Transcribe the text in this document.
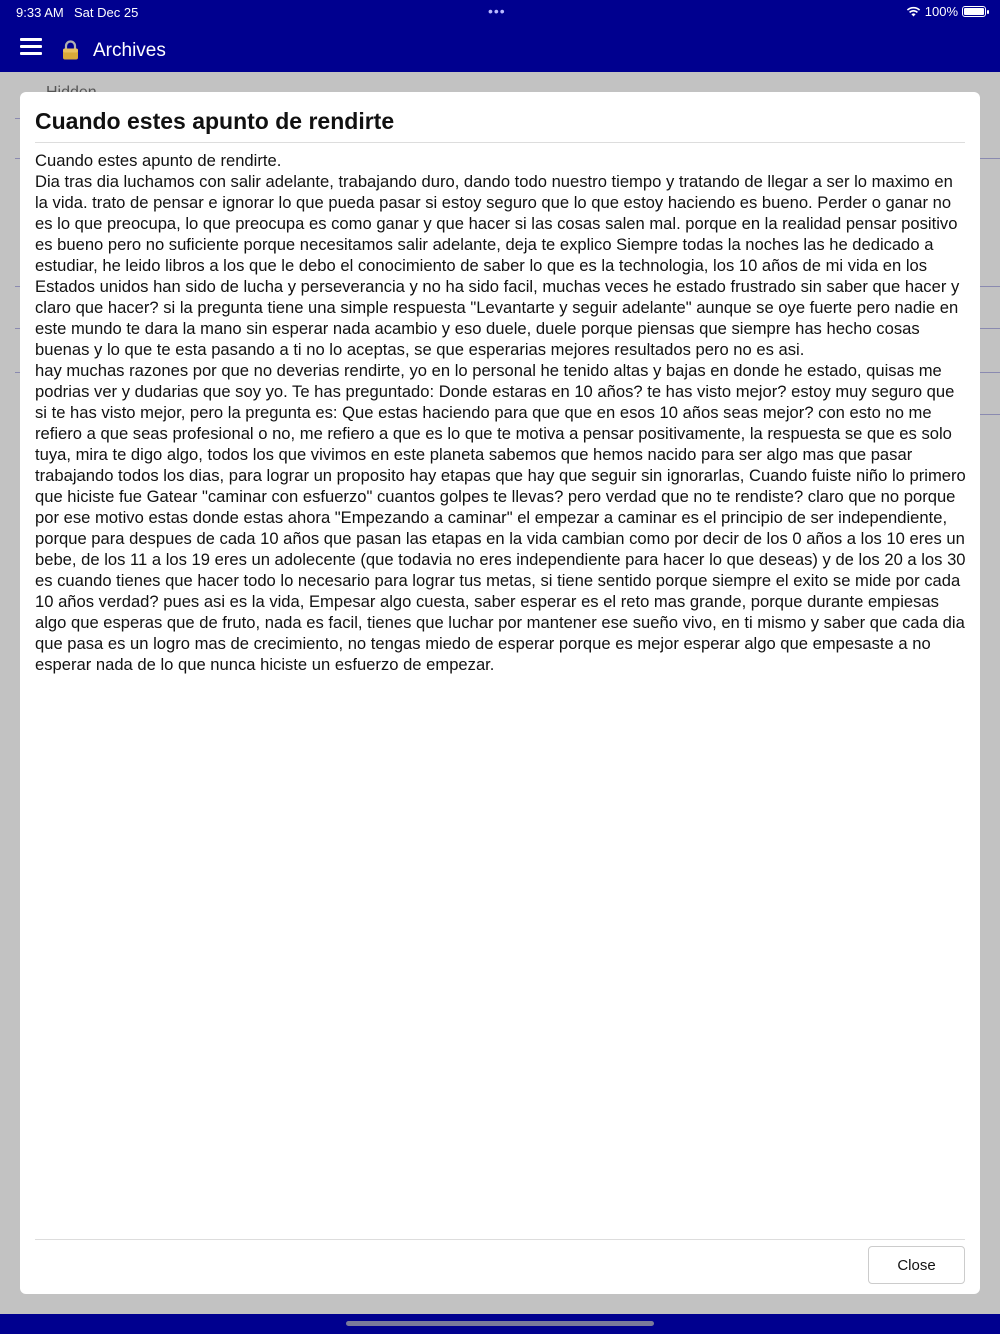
9:33 AM Sat Dec 25	•••	100%
Archives
Cuando estes apunto de rendirte
Cuando estes apunto de rendirte.
Dia tras dia luchamos con salir adelante, trabajando duro, dando todo nuestro tiempo y tratando de llegar a ser lo maximo en la vida. trato de pensar e ignorar lo que pueda pasar si estoy seguro que lo que estoy haciendo es bueno. Perder o ganar no es lo que preocupa, lo que preocupa es como ganar y que hacer si las cosas salen mal. porque en la realidad pensar positivo es bueno pero no suficiente porque necesitamos salir adelante, deja te explico Siempre todas la noches las he dedicado a estudiar, he leido libros a los que le debo el conocimiento de saber lo que es la technologia, los 10 años de mi vida en los Estados unidos han sido de lucha y perseverancia y no ha sido facil, muchas veces he estado frustrado sin saber que hacer y claro que hacer? si la pregunta tiene una simple respuesta "Levantarte y seguir adelante" aunque se oye fuerte pero nadie en este mundo te dara la mano sin esperar nada acambio y eso duele, duele porque piensas que siempre has hecho cosas buenas y lo que te esta pasando a ti no lo aceptas, se que esperarias mejores resultados pero no es asi.
hay muchas razones por que no deverias rendirte, yo en lo personal he tenido altas y bajas en donde he estado, quisas me podrias ver y dudarias que soy yo. Te has preguntado: Donde estaras en 10 años? te has visto mejor? estoy muy seguro que si te has visto mejor, pero la pregunta es: Que estas haciendo para que que en esos 10 años seas mejor? con esto no me refiero a que seas profesional o no, me refiero a que es lo que te motiva a pensar positivamente, la respuesta se que es solo tuya, mira te digo algo, todos los que vivimos en este planeta sabemos que hemos nacido para ser algo mas que pasar trabajando todos los dias, para lograr un proposito hay etapas que hay que seguir sin ignorarlas, Cuando fuiste niño lo primero que hiciste fue Gatear "caminar con esfuerzo" cuantos golpes te llevas? pero verdad que no te rendiste? claro que no porque por ese motivo estas donde estas ahora "Empezando a caminar" el empezar a caminar es el principio de ser independiente, porque para despues de cada 10 años que pasan las etapas en la vida cambian como por decir de los 0 años a los 10 eres un bebe, de los 11 a los 19 eres un adolecente (que todavia no eres independiente para hacer lo que deseas) y de los 20 a los 30 es cuando tienes que hacer todo lo necesario para lograr tus metas, si tiene sentido porque siempre el exito se mide por cada 10 años verdad? pues asi es la vida, Empesar algo cuesta, saber esperar es el reto mas grande, porque durante empiesas algo que esperas que de fruto, nada es facil, tienes que luchar por mantener ese sueño vivo, en ti mismo y saber que cada dia que pasa es un logro mas de crecimiento, no tengas miedo de esperar porque es mejor esperar algo que empesaste a no esperar nada de lo que nunca hiciste un esfuerzo de empezar.
Close
